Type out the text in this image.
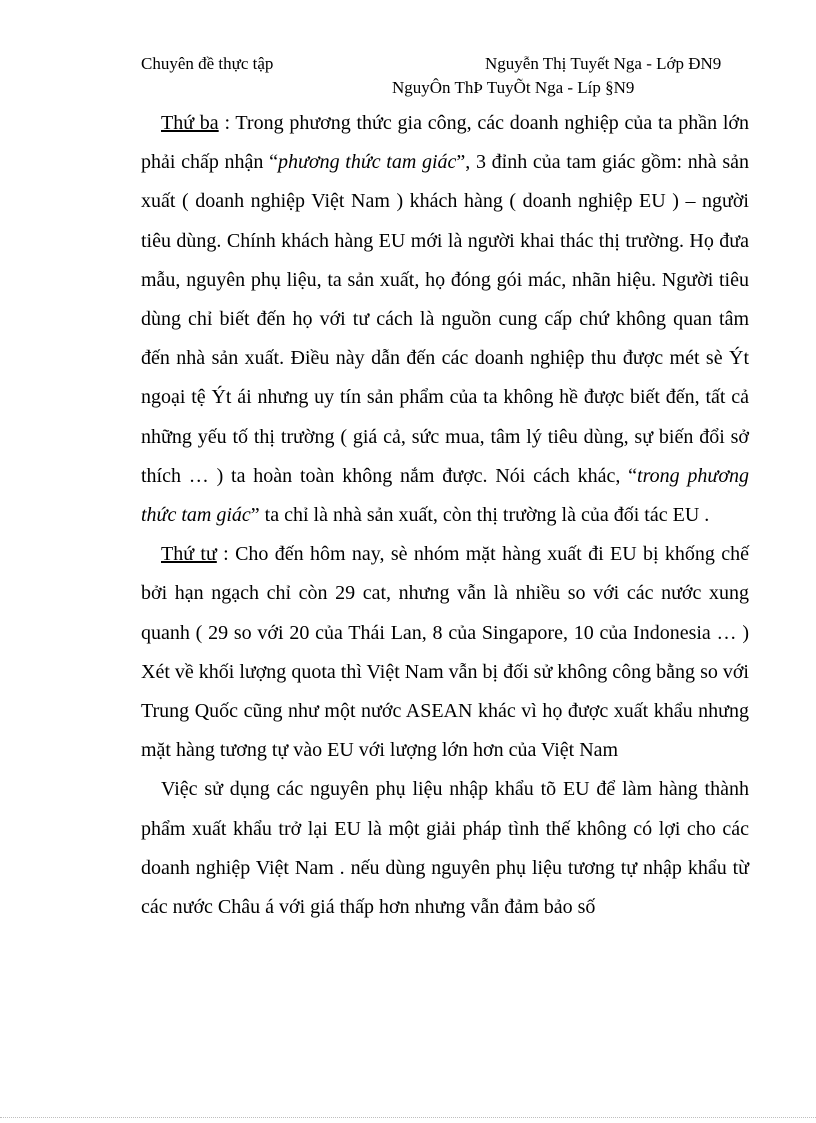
Chuyên đề thực tập	Nguyễn Thị Tuyết Nga - Lớp ĐN9
NguyÔn ThÞ TuyÕt Nga - Líp §N9

Thứ ba : Trong phương thức gia công, các doanh nghiệp của ta phần lớn phải chấp nhận “phương thức tam giác”, 3 đỉnh của tam giác gồm: nhà sản xuất ( doanh nghiệp Việt Nam ) khách hàng ( doanh nghiệp EU ) – người tiêu dùng. Chính khách hàng EU mới là người khai thác thị trường. Họ đưa mẫu, nguyên phụ liệu, ta sản xuất, họ đóng gói mác, nhãn hiệu. Người tiêu dùng chỉ biết đến họ với tư cách là nguồn cung cấp chứ không quan tâm đến nhà sản xuất. Điều này dẫn đến các doanh nghiệp thu được mét sè Ýt ngoại tệ Ýt ái nhưng uy tín sản phẩm của ta không hề được biết đến, tất cả những yếu tố thị trường ( giá cả, sức mua, tâm lý tiêu dùng, sự biến đổi sở thích … ) ta hoàn toàn không nắm được. Nói cách khác, “trong phương thức tam giác” ta chỉ là nhà sản xuất, còn thị trường là của đối tác EU .

Thứ tư : Cho đến hôm nay, sè nhóm mặt hàng xuất đi EU bị khống chế bởi hạn ngạch chỉ còn 29 cat, nhưng vẫn là nhiều so với các nước xung quanh ( 29 so với 20 của Thái Lan, 8 của Singapore, 10 của Indonesia … ) Xét về khối lượng quota thì Việt Nam vẫn bị đối sử không công bằng so với Trung Quốc cũng như một nước ASEAN khác vì họ được xuất khẩu nhưng mặt hàng tương tự vào EU với lượng lớn hơn của Việt Nam

Việc sử dụng các nguyên phụ liệu nhập khẩu tõ EU để làm hàng thành phẩm xuất khẩu trở lại EU là một giải pháp tình thế không có lợi cho các doanh nghiệp Việt Nam . nếu dùng nguyên phụ liệu tương tự nhập khẩu từ các nước Châu á với giá thấp hơn nhưng vẫn đảm bảo số
